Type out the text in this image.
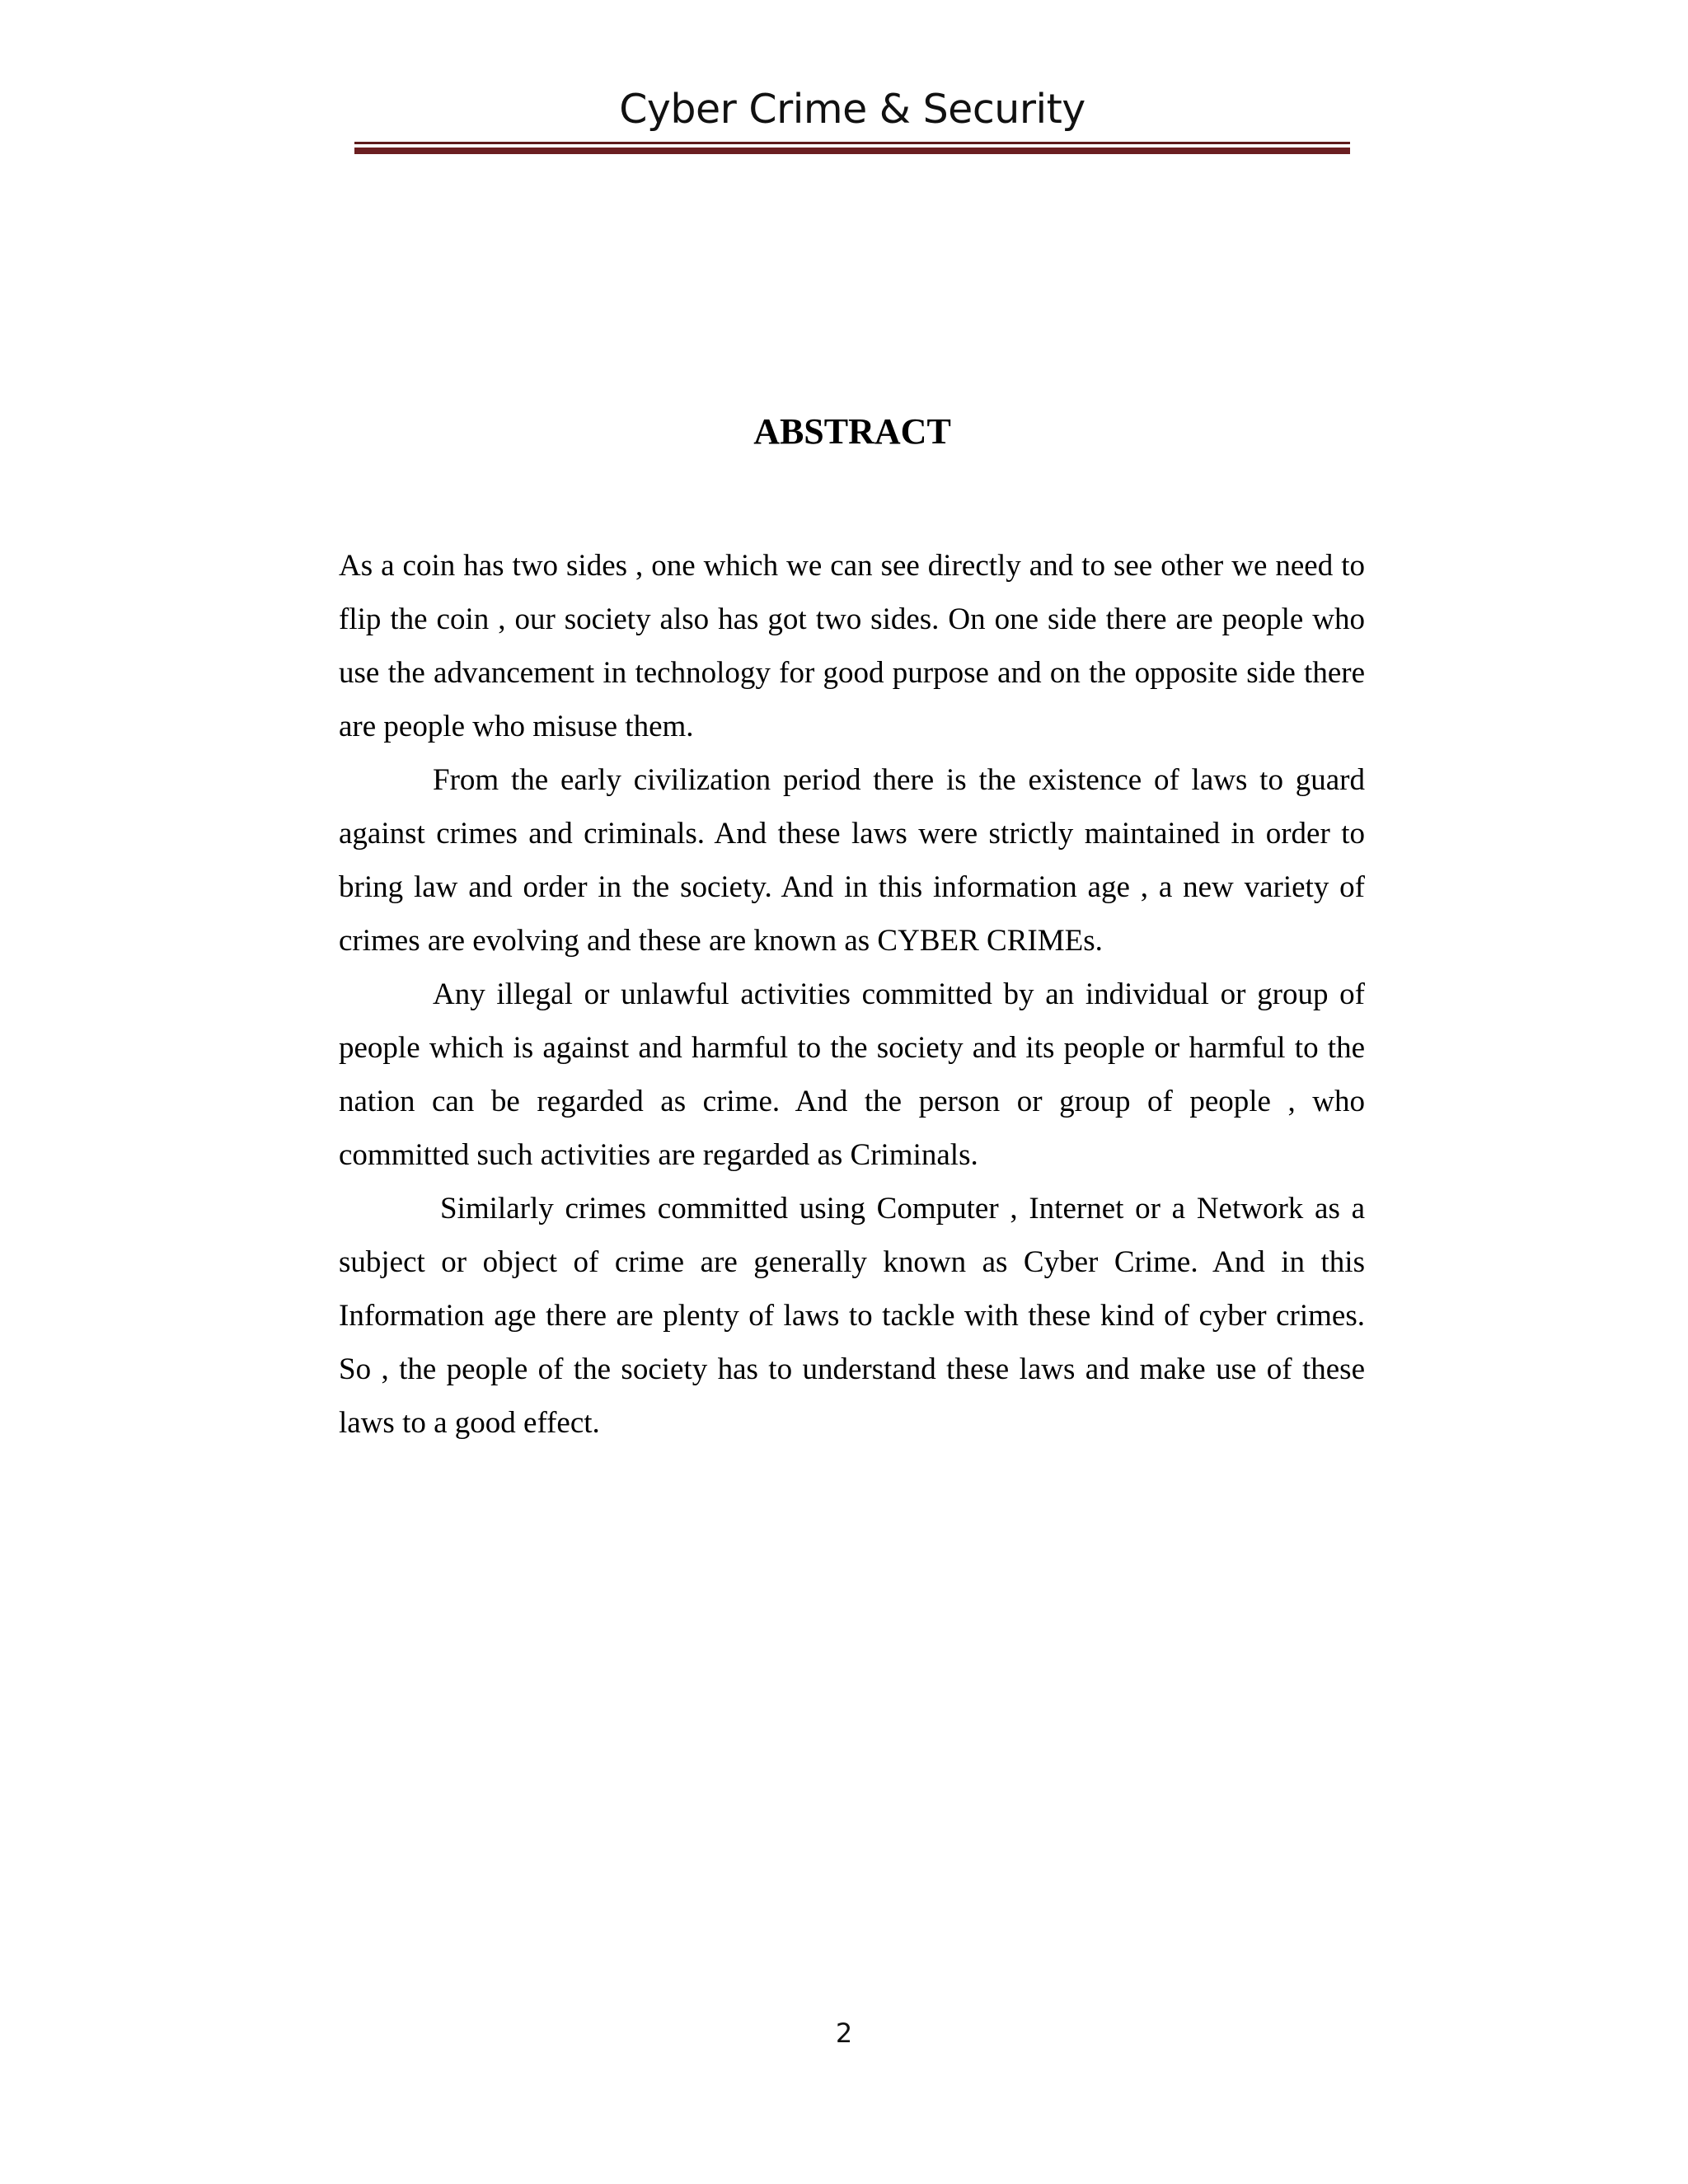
Cyber Crime & Security
ABSTRACT

As a coin has two sides , one which we can see directly and to see other we need to flip the coin , our society also has got two sides. On one side there are people who use the advancement in technology for good purpose and on the opposite side there are people who misuse them.

From the early civilization period there is the existence of laws to guard against crimes and criminals. And these laws were strictly maintained in order to bring law and order in the society. And in this information age , a new variety of crimes are evolving and these are known as CYBER CRIMEs.

Any illegal or unlawful activities committed by an individual or group of people which is against and harmful to the society and its people or harmful to the nation can be regarded as crime. And the person or group of people , who committed such activities are regarded as Criminals.

Similarly crimes committed using Computer , Internet or a Network as a subject or object of crime are generally known as Cyber Crime. And in this Information age there are plenty of laws to tackle with these kind of cyber crimes. So , the people of the society has to understand these laws and make use of these laws to a good effect.

2
